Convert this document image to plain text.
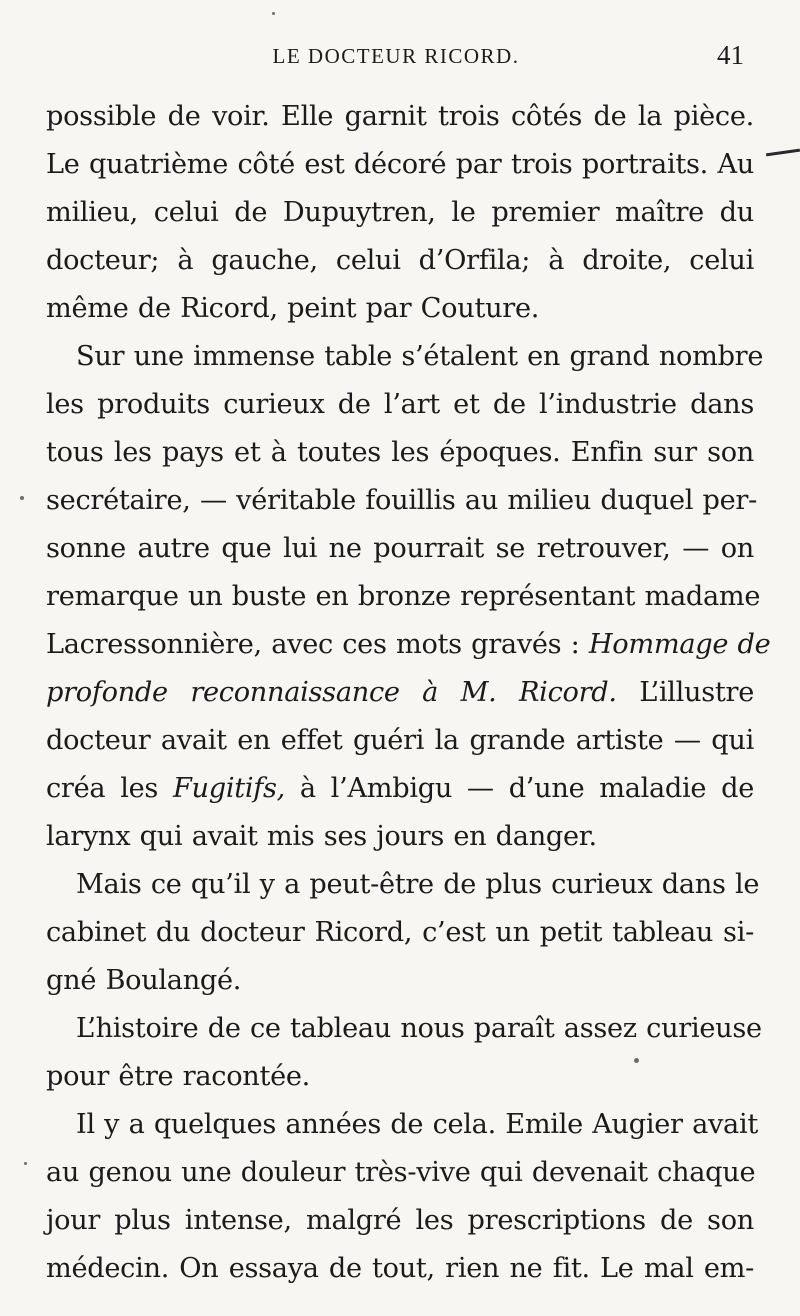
LE DOCTEUR RICORD.	41
possible de voir. Elle garnit trois côtés de la pièce.
Le quatrième côté est décoré par trois portraits. Au
milieu, celui de Dupuytren, le premier maître du
docteur; à gauche, celui d’Orfila; à droite, celui
même de Ricord, peint par Couture.
Sur une immense table s’étalent en grand nombre
les produits curieux de l’art et de l’industrie dans
tous les pays et à toutes les époques. Enfin sur son
secrétaire, — véritable fouillis au milieu duquel per-
sonne autre que lui ne pourrait se retrouver, — on
remarque un buste en bronze représentant madame
Lacressonnière, avec ces mots gravés : Hommage de
profonde reconnaissance à M. Ricord. L’illustre
docteur avait en effet guéri la grande artiste — qui
créa les Fugitifs, à l’Ambigu — d’une maladie de
larynx qui avait mis ses jours en danger.
Mais ce qu’il y a peut-être de plus curieux dans le
cabinet du docteur Ricord, c’est un petit tableau si-
gné Boulangé.
L’histoire de ce tableau nous paraît assez curieuse
pour être racontée.
Il y a quelques années de cela. Emile Augier avait
au genou une douleur très-vive qui devenait chaque
jour plus intense, malgré les prescriptions de son
médecin. On essaya de tout, rien ne fit. Le mal em-
